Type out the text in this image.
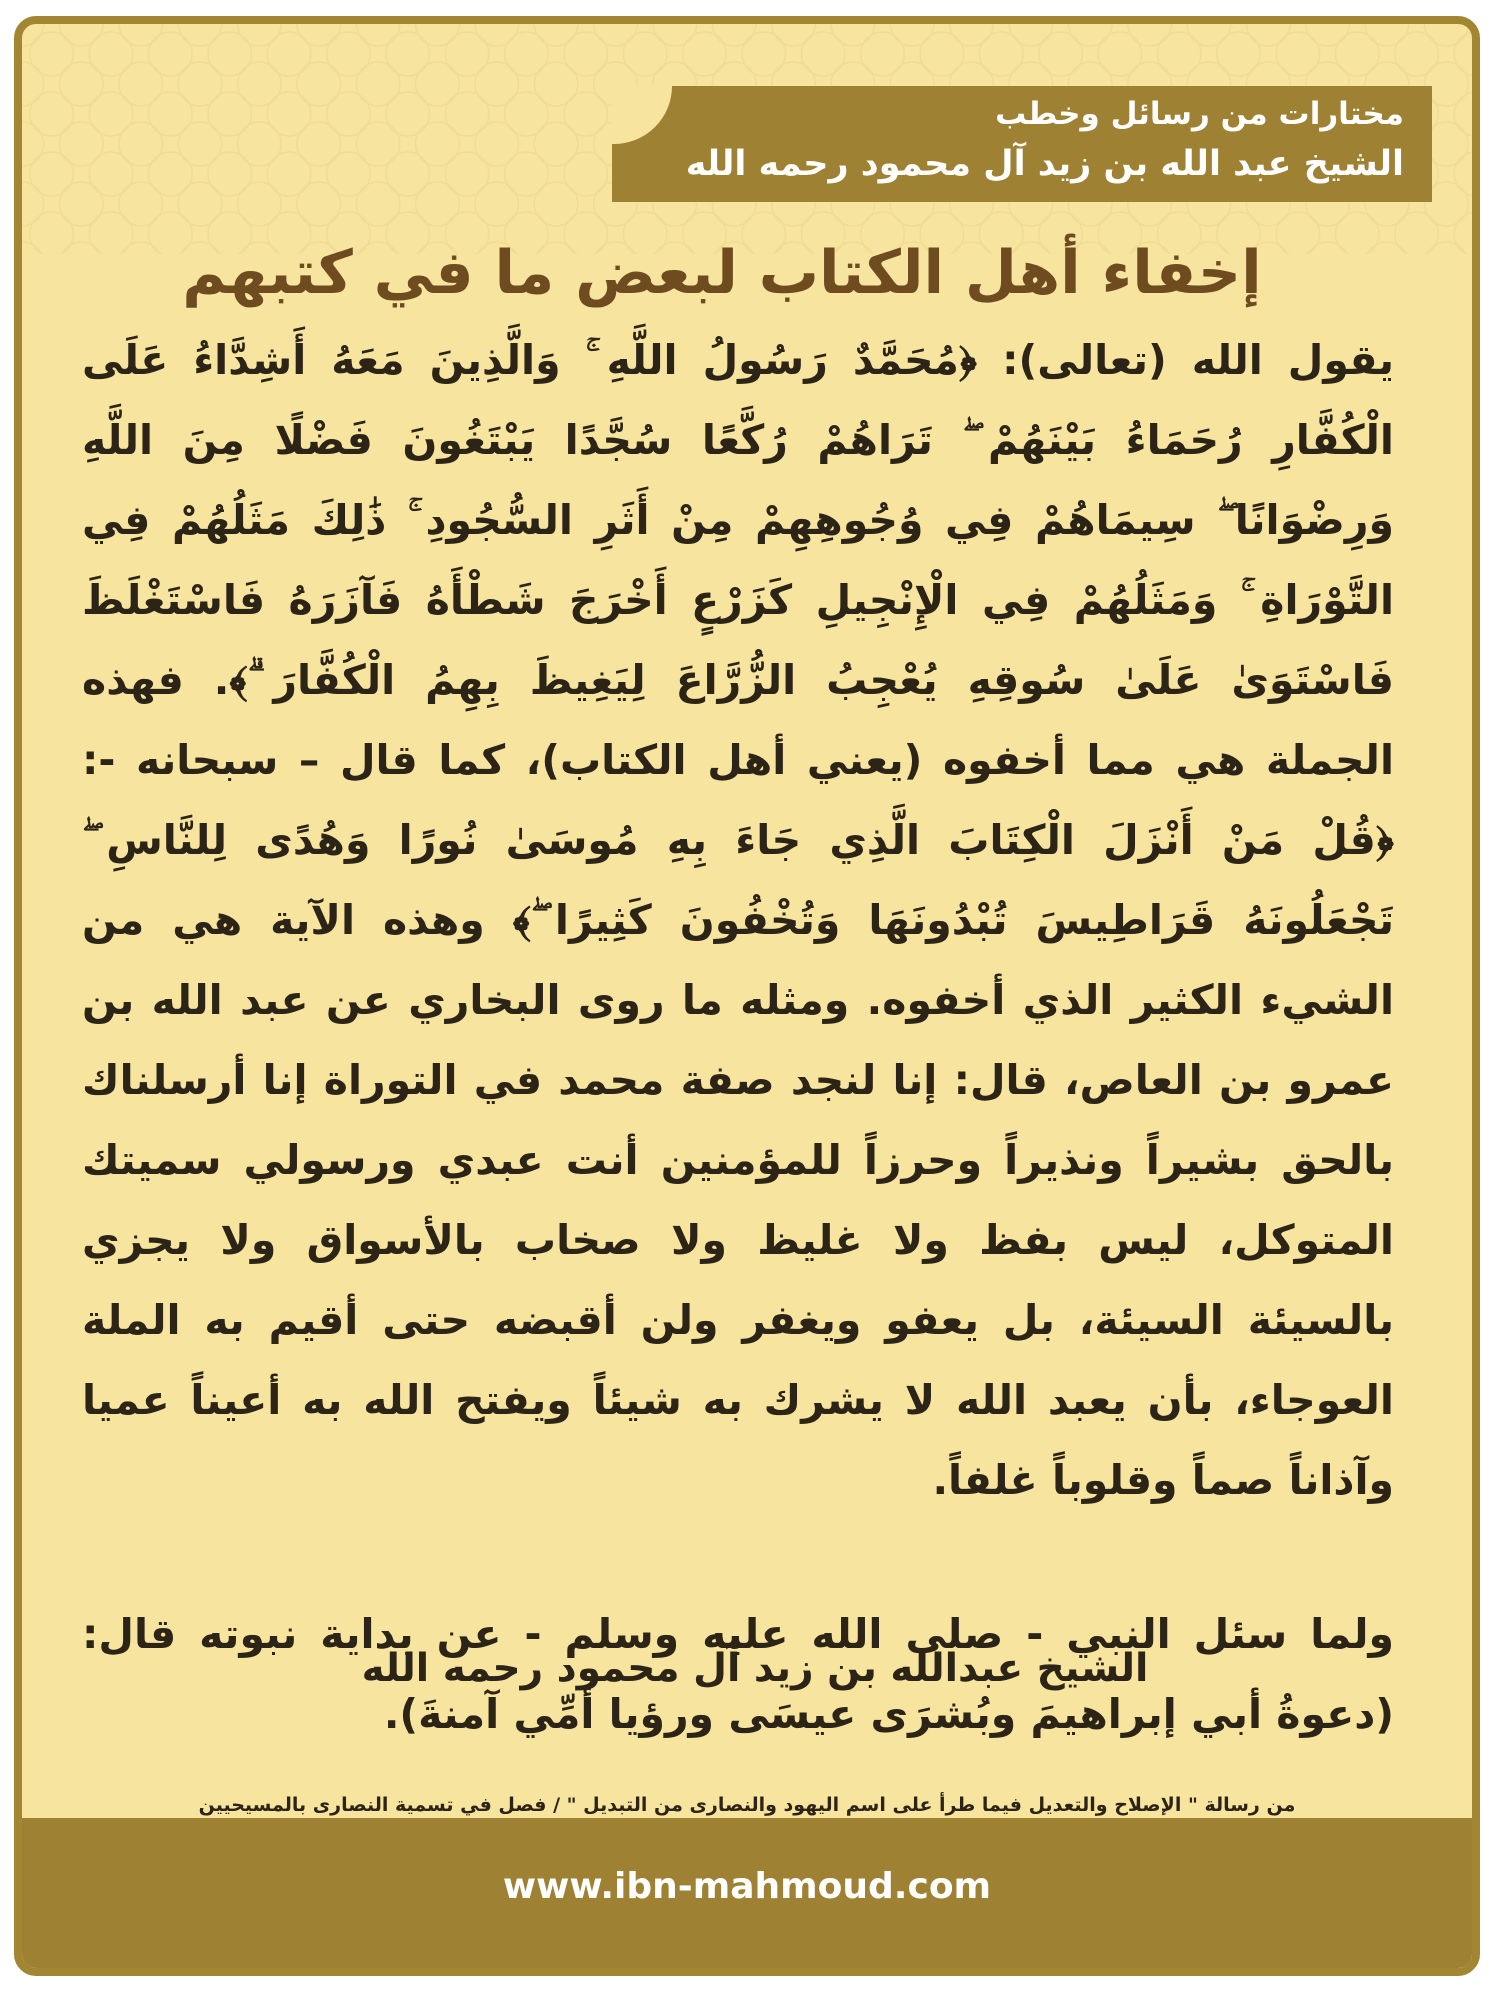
مختارات من رسائل وخطب
الشيخ عبد الله بن زيد آل محمود رحمه الله
إخفاء أهل الكتاب لبعض ما في كتبهم

يقول الله (تعالى): ﴿مُحَمَّدٌ رَسُولُ اللَّهِ ۚ وَالَّذِينَ مَعَهُ أَشِدَّاءُ عَلَى الْكُفَّارِ رُحَمَاءُ بَيْنَهُمْ ۖ تَرَاهُمْ رُكَّعًا سُجَّدًا يَبْتَغُونَ فَضْلًا مِنَ اللَّهِ وَرِضْوَانًا ۖ سِيمَاهُمْ فِي وُجُوهِهِمْ مِنْ أَثَرِ السُّجُودِ ۚ ذَٰلِكَ مَثَلُهُمْ فِي التَّوْرَاةِ ۚ وَمَثَلُهُمْ فِي الْإِنْجِيلِ كَزَرْعٍ أَخْرَجَ شَطْأَهُ فَآزَرَهُ فَاسْتَغْلَظَ فَاسْتَوَىٰ عَلَىٰ سُوقِهِ يُعْجِبُ الزُّرَّاعَ لِيَغِيظَ بِهِمُ الْكُفَّارَ ۗ﴾. فهذه الجملة هي مما أخفوه (يعني أهل الكتاب)، كما قال – سبحانه -: ﴿قُلْ مَنْ أَنْزَلَ الْكِتَابَ الَّذِي جَاءَ بِهِ مُوسَىٰ نُورًا وَهُدًى لِلنَّاسِ ۖ تَجْعَلُونَهُ قَرَاطِيسَ تُبْدُونَهَا وَتُخْفُونَ كَثِيرًا ۖ﴾ وهذه الآية هي من الشيء الكثير الذي أخفوه. ومثله ما روى البخاري عن عبد الله بن عمرو بن العاص، قال: إنا لنجد صفة محمد في التوراة إنا أرسلناك بالحق بشيراً ونذيراً وحرزاً للمؤمنين أنت عبدي ورسولي سميتك المتوكل، ليس بفظ ولا غليظ ولا صخاب بالأسواق ولا يجزي بالسيئة السيئة، بل يعفو ويغفر ولن أقبضه حتى أقيم به الملة العوجاء، بأن يعبد الله لا يشرك به شيئاً ويفتح الله به أعيناً عميا وآذاناً صماً وقلوباً غلفاً.

ولما سئل النبي - صلى الله عليه وسلم - عن بداية نبوته قال: (دعوةُ أبي إبراهيمَ وبُشرَى عيسَى ورؤيا أمِّي آمنةَ).

الشيخ عبدالله بن زيد آل محمود رحمه الله
من رسالة " الإصلاح والتعديل فيما طرأ على اسم اليهود والنصارى من التبديل " / فصل في تسمية النصارى بالمسيحيين
www.ibn-mahmoud.com
